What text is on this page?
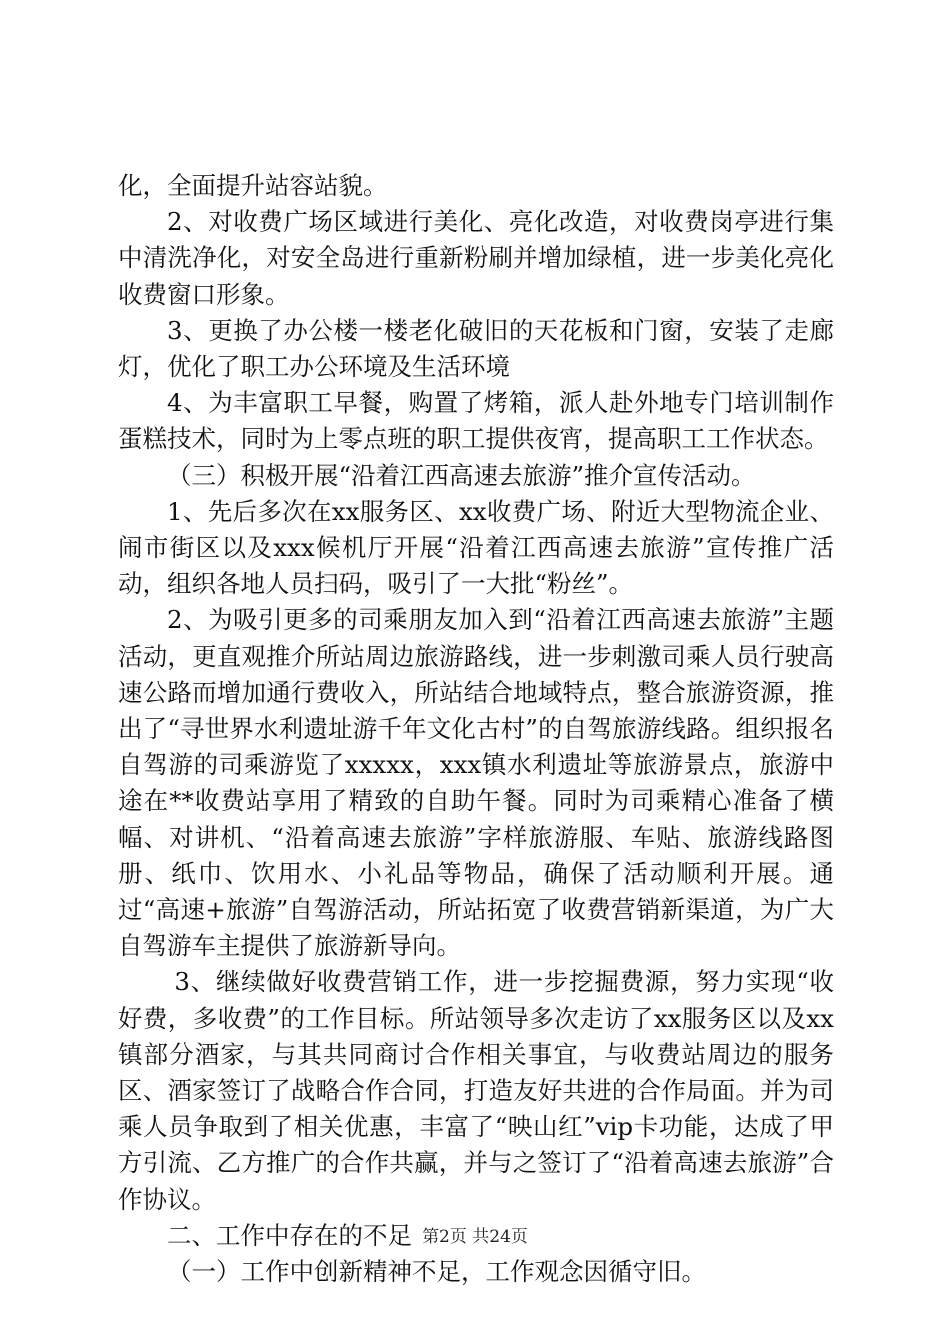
化，全面提升站容站貌。

2、对收费广场区域进行美化、亮化改造，对收费岗亭进行集中清洗净化，对安全岛进行重新粉刷并增加绿植，进一步美化亮化收费窗口形象。

3、更换了办公楼一楼老化破旧的天花板和门窗，安装了走廊灯，优化了职工办公环境及生活环境

4、为丰富职工早餐，购置了烤箱，派人赴外地专门培训制作蛋糕技术，同时为上零点班的职工提供夜宵，提高职工工作状态。

（三）积极开展“沿着江西高速去旅游”推介宣传活动。

1、先后多次在xx服务区、xx收费广场、附近大型物流企业、闹市街区以及xxx候机厅开展“沿着江西高速去旅游”宣传推广活动，组织各地人员扫码，吸引了一大批“粉丝”。

2、为吸引更多的司乘朋友加入到“沿着江西高速去旅游”主题活动，更直观推介所站周边旅游路线，进一步刺激司乘人员行驶高速公路而增加通行费收入，所站结合地域特点，整合旅游资源，推出了“寻世界水利遗址游千年文化古村”的自驾旅游线路。组织报名自驾游的司乘游览了xxxxx，xxx镇水利遗址等旅游景点，旅游中途在**收费站享用了精致的自助午餐。同时为司乘精心准备了横幅、对讲机、“沿着高速去旅游”字样旅游服、车贴、旅游线路图册、纸巾、饮用水、小礼品等物品，确保了活动顺利开展。通过“高速+旅游”自驾游活动，所站拓宽了收费营销新渠道，为广大自驾游车主提供了旅游新导向。

3、继续做好收费营销工作，进一步挖掘费源，努力实现“收好费，多收费”的工作目标。所站领导多次走访了xx服务区以及xx镇部分酒家，与其共同商讨合作相关事宜，与收费站周边的服务区、酒家签订了战略合作合同，打造友好共进的合作局面。并为司乘人员争取到了相关优惠，丰富了“映山红”vip卡功能，达成了甲方引流、乙方推广的合作共赢，并与之签订了“沿着高速去旅游”合作协议。

二、工作中存在的不足

（一）工作中创新精神不足，工作观念因循守旧。

第2页 共24页
